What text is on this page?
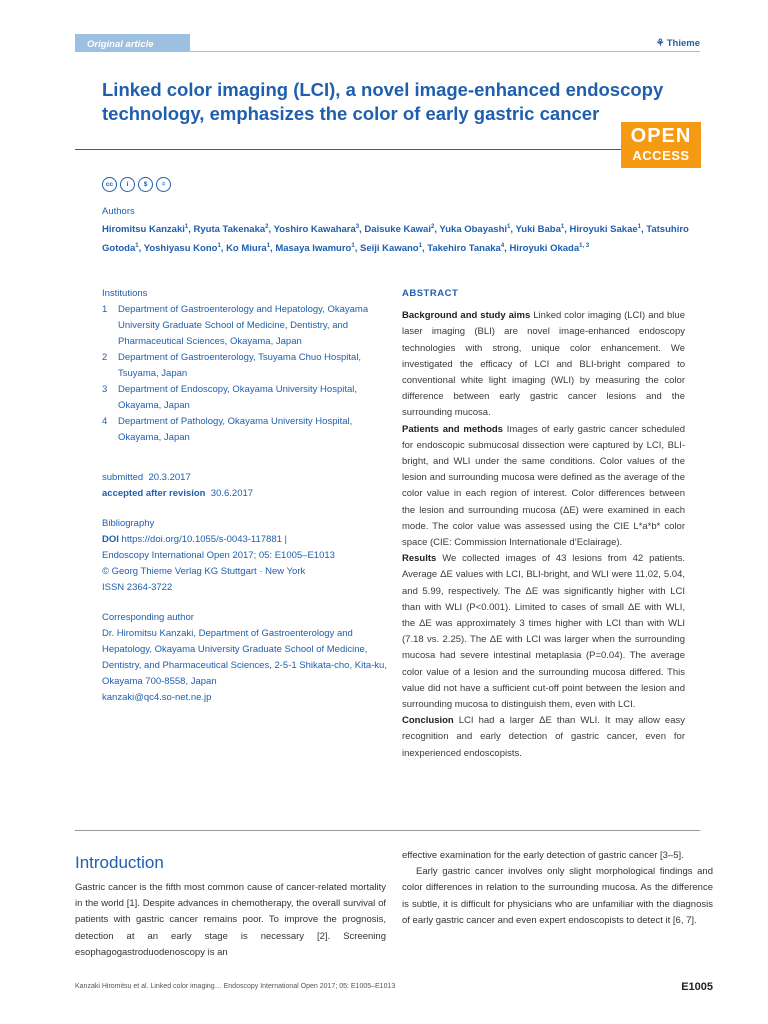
Original article	⚘ Thieme
Linked color imaging (LCI), a novel image-enhanced endoscopy technology, emphasizes the color of early gastric cancer
OPEN
ACCESS
cc	i	$	=
Authors
Hiromitsu Kanzaki$^1$, Ryuta Takenaka$^2$, Yoshiro Kawahara$^3$, Daisuke Kawai$^2$, Yuka Obayashi$^1$, Yuki Baba$^1$, Hiroyuki Sakae$^1$, Tatsuhiro Gotoda$^1$, Yoshiyasu Kono$^1$, Ko Miura$^1$, Masaya Iwamuro$^1$, Seiji Kawano$^1$, Takehiro Tanaka$^4$, Hiroyuki Okada$^{1, 3}$
Institutions
1	Department of Gastroenterology and Hepatology, Okayama University Graduate School of Medicine, Dentistry, and Pharmaceutical Sciences, Okayama, Japan
2	Department of Gastroenterology, Tsuyama Chuo Hospital, Tsuyama, Japan
3	Department of Endoscopy, Okayama University Hospital, Okayama, Japan
4	Department of Pathology, Okayama University Hospital, Okayama, Japan
submitted 20.3.2017
accepted after revision 30.6.2017
Bibliography
DOI https://doi.org/10.1055/s-0043-117881 |
Endoscopy International Open 2017; 05: E1005–E1013
© Georg Thieme Verlag KG Stuttgart · New York
ISSN 2364-3722
Corresponding author
Dr. Hiromitsu Kanzaki, Department of Gastroenterology and Hepatology, Okayama University Graduate School of Medicine, Dentistry, and Pharmaceutical Sciences, 2-5-1 Shikata-cho, Kita-ku, Okayama 700-8558, Japan
kanzaki@qc4.so-net.ne.jp
ABSTRACT
Background and study aims Linked color imaging (LCI) and blue laser imaging (BLI) are novel image-enhanced endoscopy technologies with strong, unique color enhancement. We investigated the efficacy of LCI and BLI-bright compared to conventional white light imaging (WLI) by measuring the color difference between early gastric cancer lesions and the surrounding mucosa.
Patients and methods Images of early gastric cancer scheduled for endoscopic submucosal dissection were captured by LCI, BLI-bright, and WLI under the same conditions. Color values of the lesion and surrounding mucosa were defined as the average of the color value in each region of interest. Color differences between the lesion and surrounding mucosa (ΔE) were examined in each mode. The color value was assessed using the CIE L*a*b* color space (CIE: Commission Internationale d’Eclairage).
Results We collected images of 43 lesions from 42 patients. Average ΔE values with LCI, BLI-bright, and WLI were 11.02, 5.04, and 5.99, respectively. The ΔE was significantly higher with LCI than with WLI (P<0.001). Limited to cases of small ΔE with WLI, the ΔE was approximately 3 times higher with LCI than with WLI (7.18 vs. 2.25). The ΔE with LCI was larger when the surrounding mucosa had severe intestinal metaplasia (P=0.04). The average color value of a lesion and the surrounding mucosa differed. This value did not have a sufficient cut-off point between the lesion and surrounding mucosa to distinguish them, even with LCI.
Conclusion LCI had a larger ΔE than WLI. It may allow easy recognition and early detection of gastric cancer, even for inexperienced endoscopists.
Introduction
Gastric cancer is the fifth most common cause of cancer-related mortality in the world [1]. Despite advances in chemotherapy, the overall survival of patients with gastric cancer remains poor. To improve the prognosis, detection at an early stage is necessary [2]. Screening esophagogastroduodenoscopy is an

effective examination for the early detection of gastric cancer [3–5].

Early gastric cancer involves only slight morphological findings and color differences in relation to the surrounding mucosa. As the difference is subtle, it is difficult for physicians who are unfamiliar with the diagnosis of early gastric cancer and even expert endoscopists to detect it [6, 7].

Kanzaki Hiromitsu et al. Linked color imaging… Endoscopy International Open 2017; 05: E1005–E1013	E1005
